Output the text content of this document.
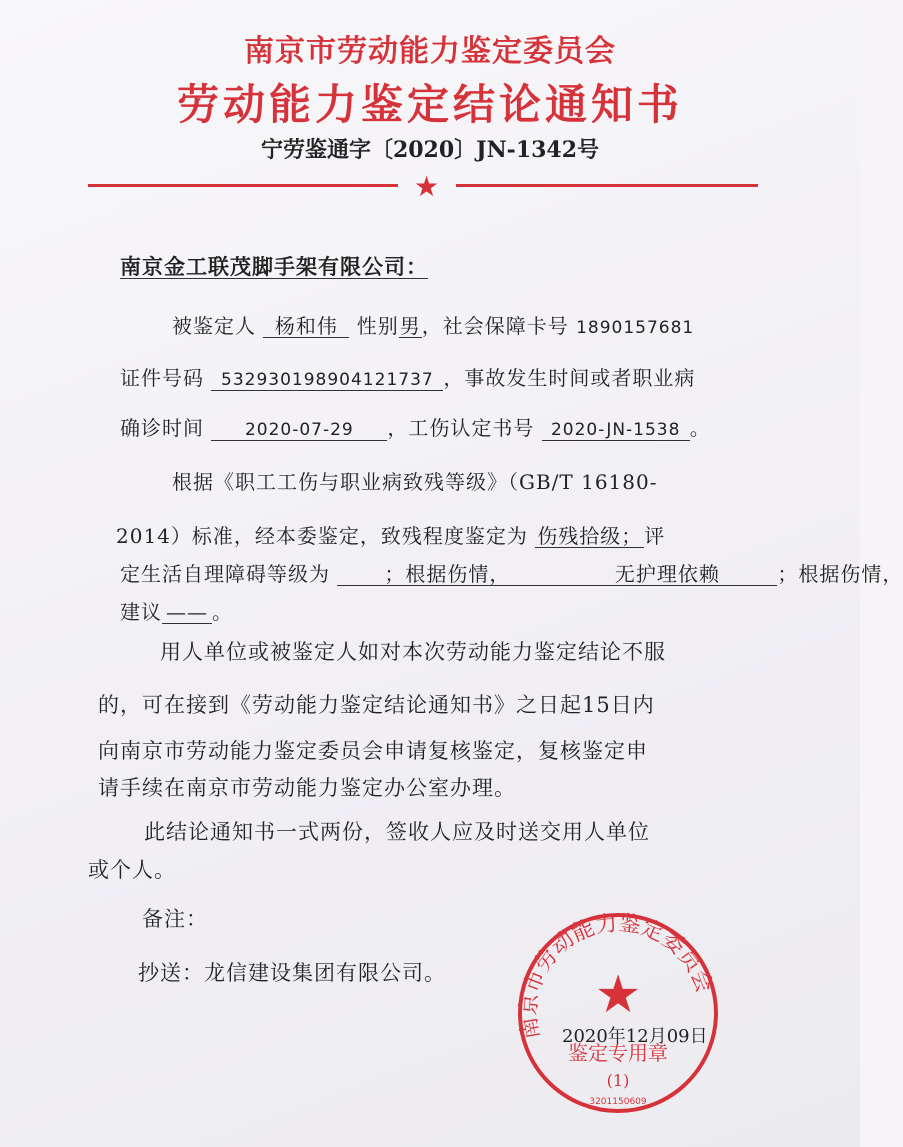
南京市劳动能力鉴定委员会
劳动能力鉴定结论通知书
宁劳鉴通字〔2020〕JN-1342号
★
南京金工联茂脚手架有限公司：
被鉴定人 杨和伟 性别男，社会保障卡号 1890157681
证件号码 532930198904121737 ，事故发生时间或者职业病
确诊时间 2020-07-29 ，工伤认定书号 2020-JN-1538 。
根据《职工工伤与职业病致残等级》（GB/T 16180-
2014）标准，经本委鉴定，致残程度鉴定为 伤残拾级； 评
定生活自理障碍等级为	；根据伤情，	无护理依赖	；根据伤情，
建议 —— 。
用人单位或被鉴定人如对本次劳动能力鉴定结论不服
的，可在接到《劳动能力鉴定结论通知书》之日起15日内
向南京市劳动能力鉴定委员会申请复核鉴定，复核鉴定申
请手续在南京市劳动能力鉴定办公室办理。
此结论通知书一式两份，签收人应及时送交用人单位
或个人。
备注：
抄送：龙信建设集团有限公司。
南京市劳动能力鉴定委员会
★
鉴定专用章
(1)
3201150609
2020年12月09日
